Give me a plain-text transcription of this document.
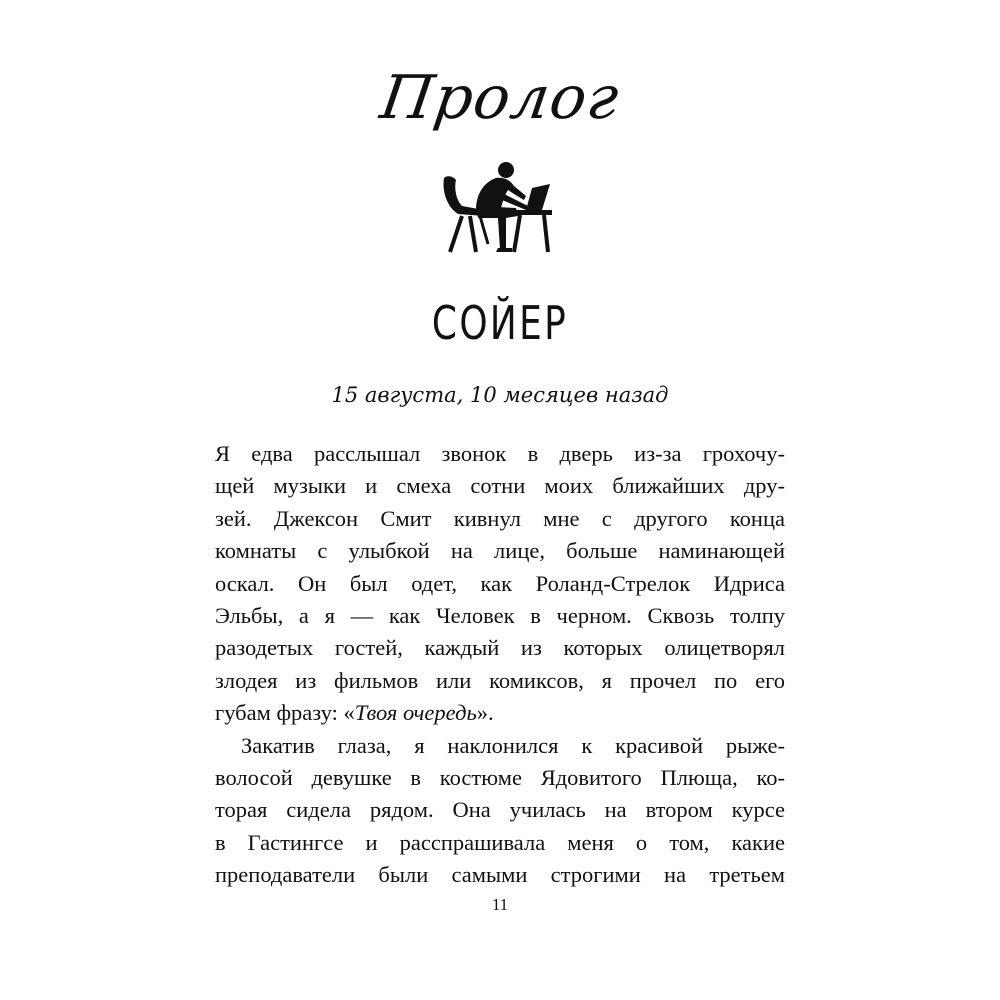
Пролог
СОЙЕР
15 августа, 10 месяцев назад
Я едва расслышал звонок в дверь из-за грохочу-
щей музыки и смеха сотни моих ближайших дру-
зей. Джексон Смит кивнул мне с другого конца
комнаты с улыбкой на лице, больше наминающей
оскал. Он был одет, как Роланд-Стрелок Идриса
Эльбы, а я — как Человек в черном. Сквозь толпу
разодетых гостей, каждый из которых олицетворял
злодея из фильмов или комиксов, я прочел по его
губам фразу: «Твоя очередь».
Закатив глаза, я наклонился к красивой рыже-
волосой девушке в костюме Ядовитого Плюща, ко-
торая сидела рядом. Она училась на втором курсе
в Гастингсе и расспрашивала меня о том, какие
преподаватели были самыми строгими на третьем
11
